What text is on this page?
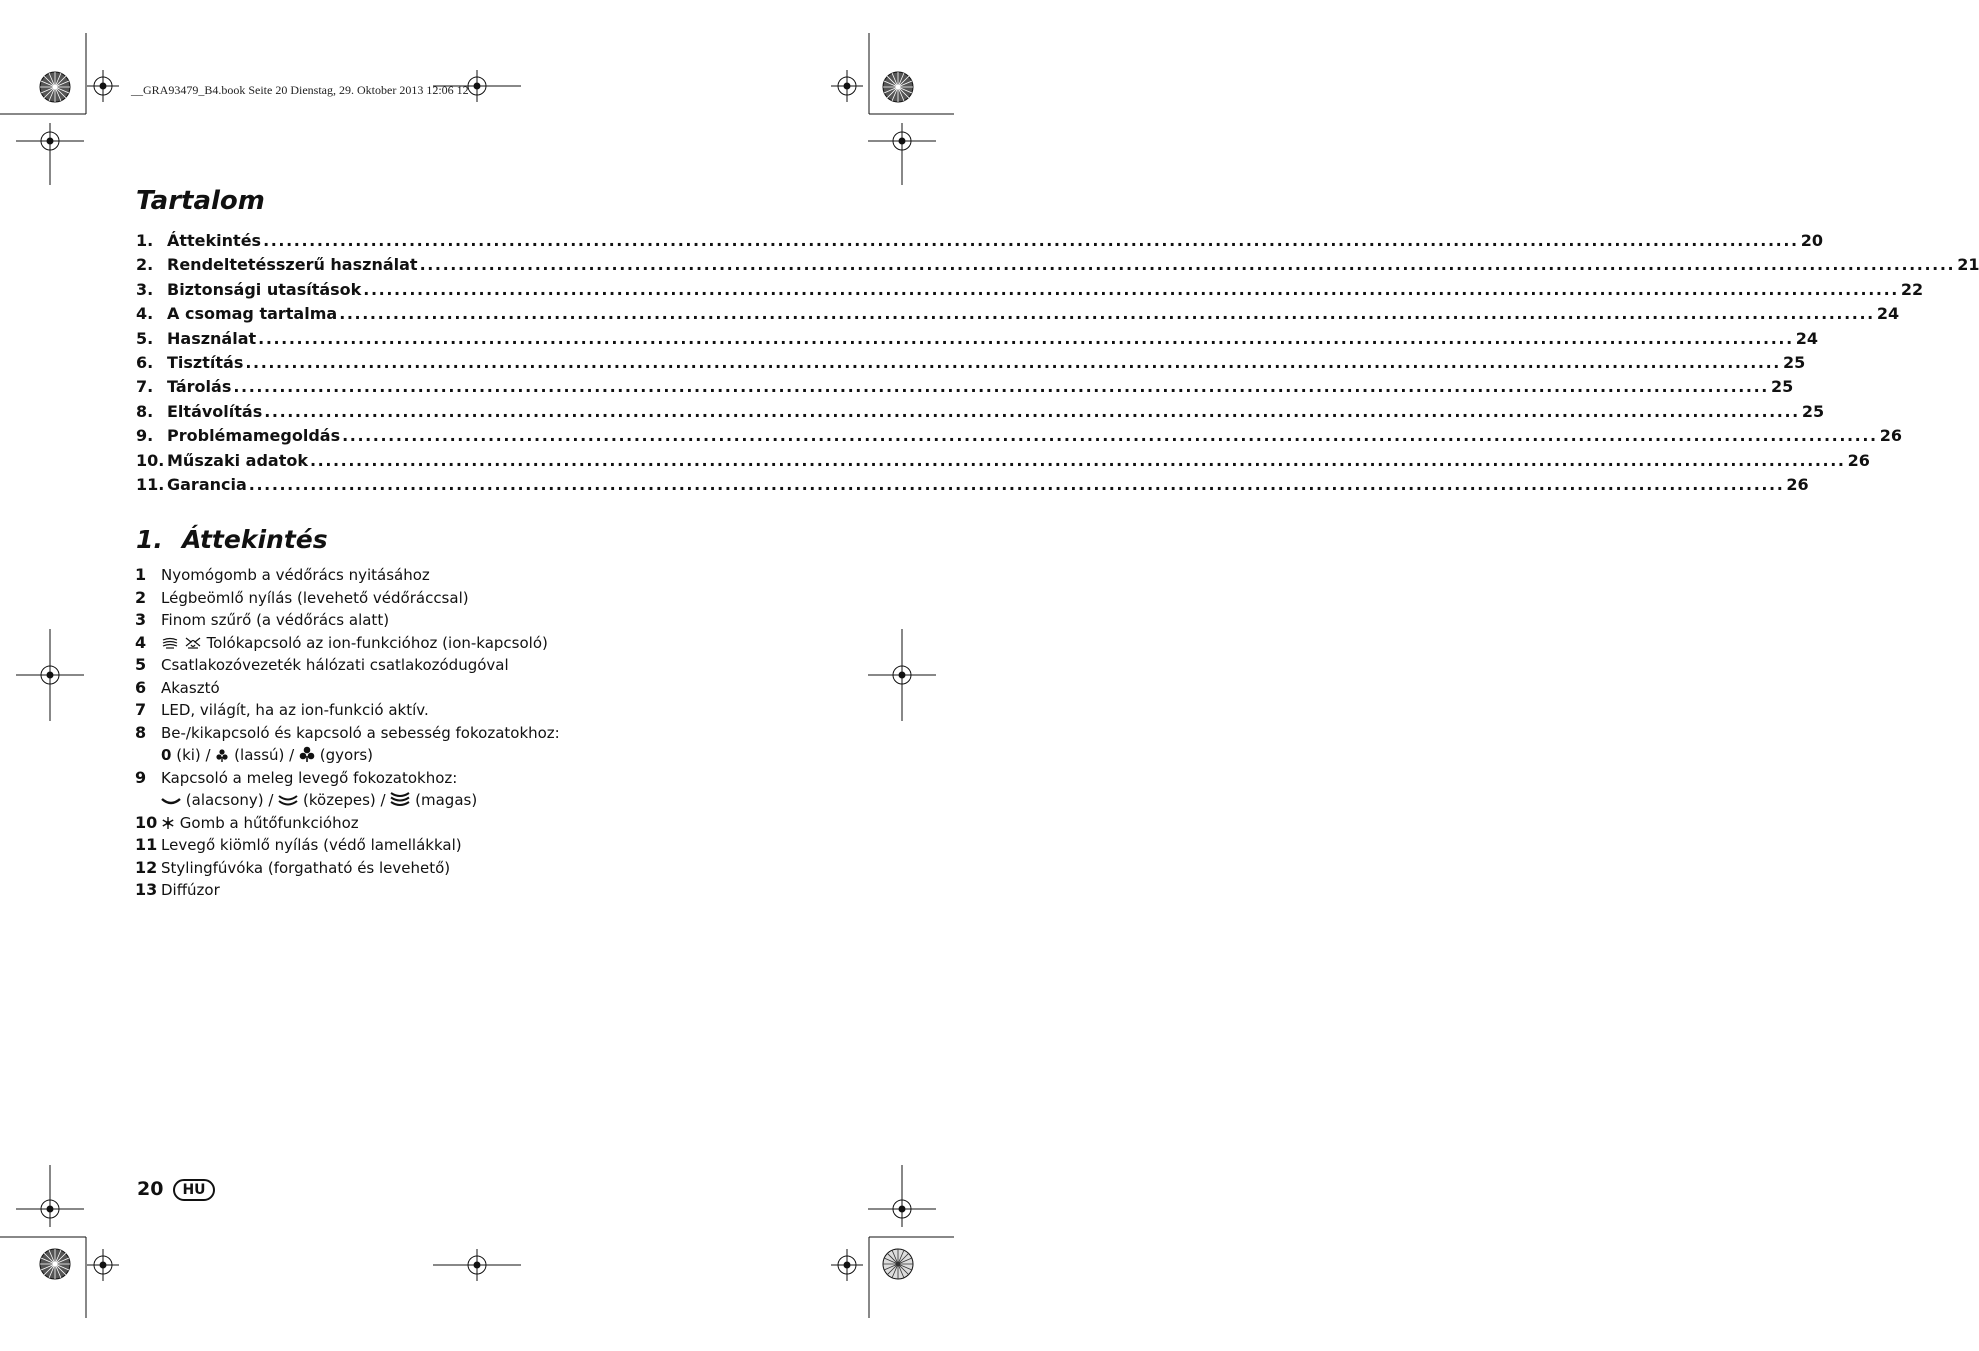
__GRA93479_B4.book Seite 20 Dienstag, 29. Oktober 2013 12:06 12
Tartalom
1. Áttekintés ........................................................................................................................................................................................................ 20
2. Rendeltetésszerű használat ........................................................................................................................................................................................................ 21
3. Biztonsági utasítások ........................................................................................................................................................................................................ 22
4. A csomag tartalma ........................................................................................................................................................................................................ 24
5. Használat ........................................................................................................................................................................................................ 24
6. Tisztítás ........................................................................................................................................................................................................ 25
7. Tárolás ........................................................................................................................................................................................................ 25
8. Eltávolítás ........................................................................................................................................................................................................ 25
9. Problémamegoldás ........................................................................................................................................................................................................ 26
10. Műszaki adatok ........................................................................................................................................................................................................ 26
11. Garancia ........................................................................................................................................................................................................ 26
1. Áttekintés
1 Nyomógomb a védőrács nyitásához
2 Légbeömlő nyílás (levehető védőráccsal)
3 Finom szűrő (a védőrács alatt)
4	Tolókapcsoló az ion-funkcióhoz (ion-kapcsoló)
5 Csatlakozóvezeték hálózati csatlakozódugóval
6 Akasztó
7 LED, világít, ha az ion-funkció aktív.
8 Be-/kikapcsoló és kapcsoló a sebesség fokozatokhoz:
0 (ki) / (lassú) / (gyors)
9 Kapcsoló a meleg levegő fokozatokhoz:
(alacsony) / (közepes) / (magas)
10	Gomb a hűtőfunkcióhoz
11 Levegő kiömlő nyílás (védő lamellákkal)
12 Stylingfúvóka (forgatható és levehető)
13 Diffúzor
20	HU
